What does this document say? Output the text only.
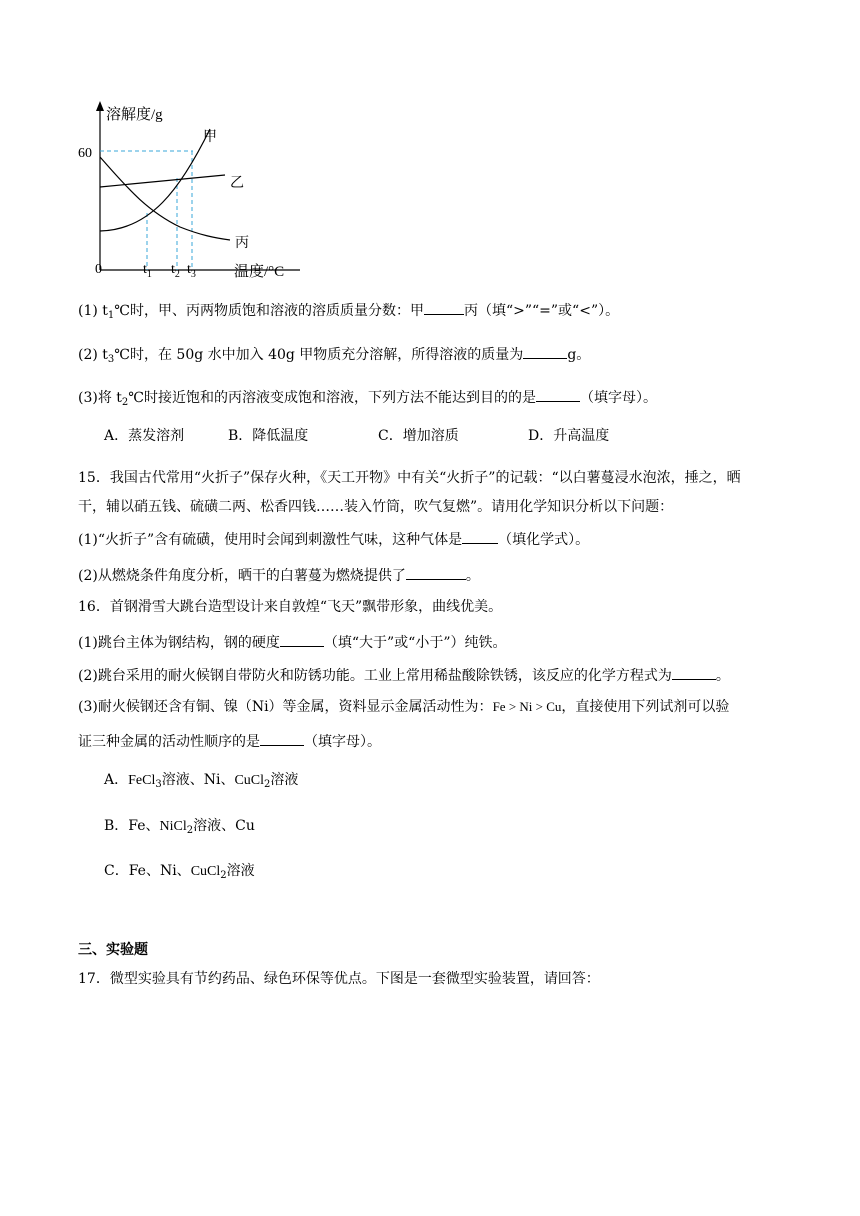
溶解度/g
60
0
甲
乙
丙
$t_1$ $t_2$ $t_3$	温度/°C
(1) $t_1℃$时，甲、丙两物质饱和溶液的溶质质量分数：甲	丙（填“>”“=”或“<”）。
(2) $t_3℃$时，在 50g 水中加入 40g 甲物质充分溶解，所得溶液的质量为	g。
(3)将 $t_2℃$时接近饱和的丙溶液变成饱和溶液，下列方法不能达到目的的是	（填字母）。
A．蒸发溶剂	B．降低温度	C．增加溶质	D．升高温度
15．我国古代常用“火折子”保存火种，《天工开物》中有关“火折子”的记载：“以白薯蔓浸水泡浓，捶之，晒
干，辅以硝五钱、硫磺二两、松香四钱……装入竹筒，吹气复燃”。请用化学知识分析以下问题：
(1)“火折子”含有硫磺，使用时会闻到刺激性气味，这种气体是	（填化学式）。
(2)从燃烧条件角度分析，晒干的白薯蔓为燃烧提供了	。
16．首钢滑雪大跳台造型设计来自敦煌“飞天”飘带形象，曲线优美。
(1)跳台主体为钢结构，钢的硬度	（填“大于”或“小于”）纯铁。
(2)跳台采用的耐火候钢自带防火和防锈功能。工业上常用稀盐酸除铁锈，该反应的化学方程式为	。
(3)耐火候钢还含有铜、镍（Ni）等金属，资料显示金属活动性为：Fe > Ni > Cu，直接使用下列试剂可以验
证三种金属的活动性顺序的是	（填字母）。
A．FeCl$_3$溶液、Ni、CuCl$_2$溶液
B．Fe、NiCl$_2$溶液、Cu
C．Fe、Ni、CuCl$_2$溶液
三、实验题
17．微型实验具有节约药品、绿色环保等优点。下图是一套微型实验装置，请回答：
